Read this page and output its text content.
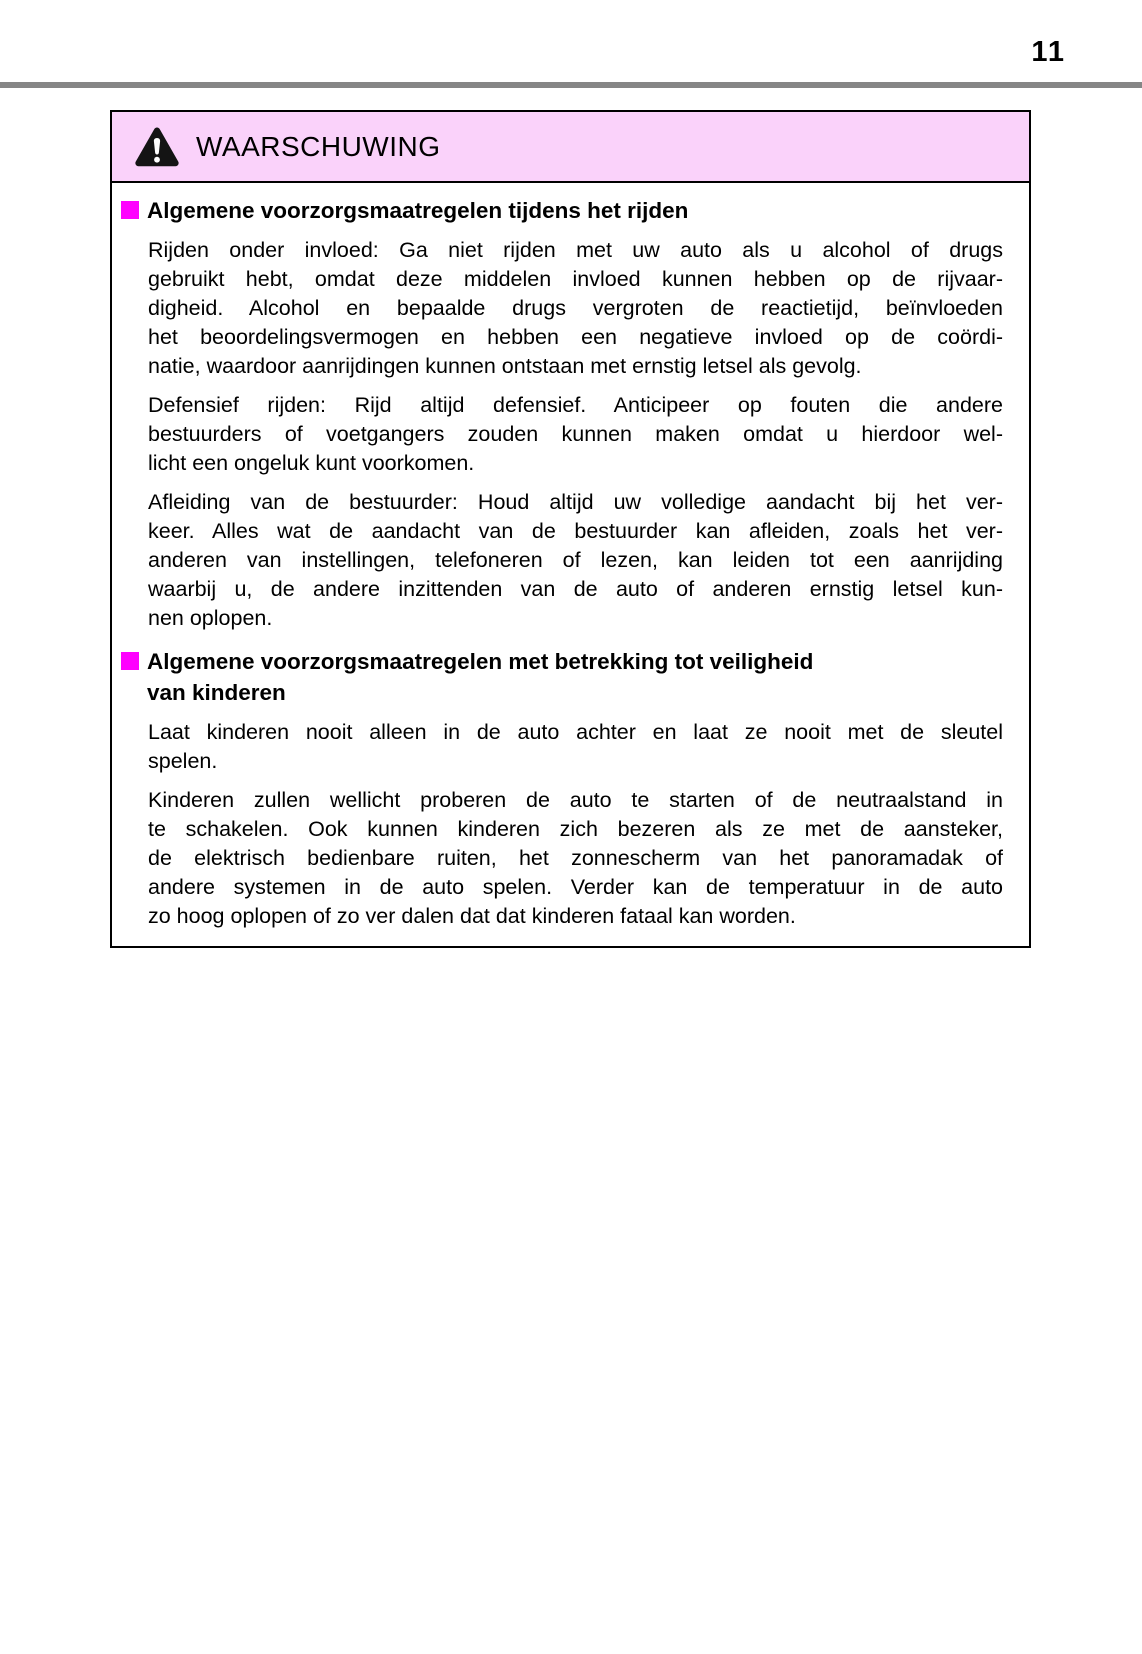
11
WAARSCHUWING
Algemene voorzorgsmaatregelen tijdens het rijden
Rijden onder invloed: Ga niet rijden met uw auto als u alcohol of drugs
gebruikt hebt, omdat deze middelen invloed kunnen hebben op de rijvaar-
digheid. Alcohol en bepaalde drugs vergroten de reactietijd, beïnvloeden
het beoordelingsvermogen en hebben een negatieve invloed op de coördi-
natie, waardoor aanrijdingen kunnen ontstaan met ernstig letsel als gevolg.
Defensief rijden: Rijd altijd defensief. Anticipeer op fouten die andere
bestuurders of voetgangers zouden kunnen maken omdat u hierdoor wel-
licht een ongeluk kunt voorkomen.
Afleiding van de bestuurder: Houd altijd uw volledige aandacht bij het ver-
keer. Alles wat de aandacht van de bestuurder kan afleiden, zoals het ver-
anderen van instellingen, telefoneren of lezen, kan leiden tot een aanrijding
waarbij u, de andere inzittenden van de auto of anderen ernstig letsel kun-
nen oplopen.
Algemene voorzorgsmaatregelen met betrekking tot veiligheid
van kinderen
Laat kinderen nooit alleen in de auto achter en laat ze nooit met de sleutel
spelen.
Kinderen zullen wellicht proberen de auto te starten of de neutraalstand in
te schakelen. Ook kunnen kinderen zich bezeren als ze met de aansteker,
de elektrisch bedienbare ruiten, het zonnescherm van het panoramadak of
andere systemen in de auto spelen. Verder kan de temperatuur in de auto
zo hoog oplopen of zo ver dalen dat dat kinderen fataal kan worden.
